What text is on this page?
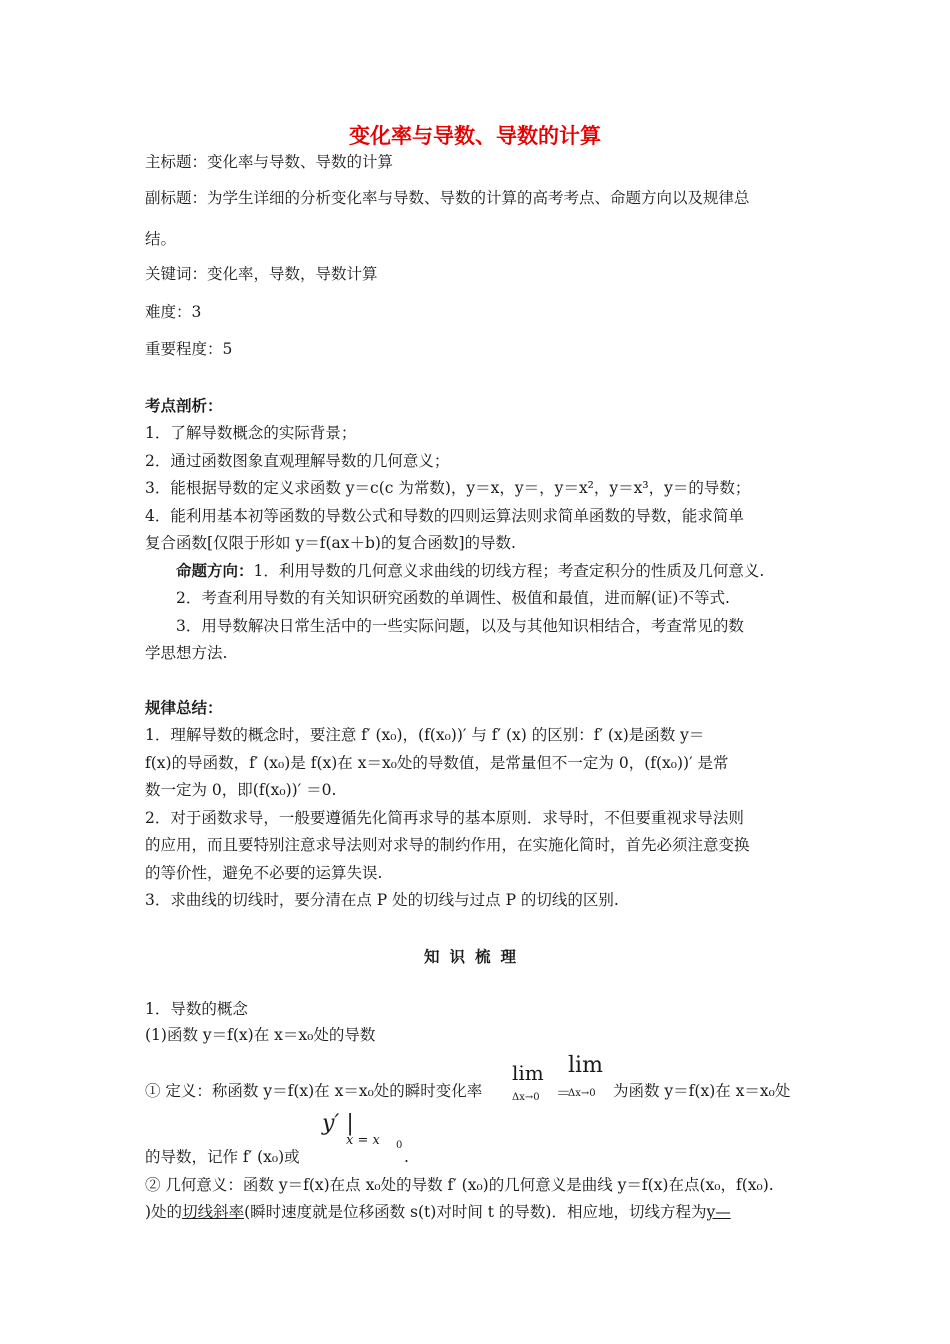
变化率与导数、导数的计算
主标题：变化率与导数、导数的计算
副标题：为学生详细的分析变化率与导数、导数的计算的高考考点、命题方向以及规律总
结。
关键词：变化率，导数，导数计算
难度：3
重要程度：5
考点剖析：
1．了解导数概念的实际背景；
2．通过函数图象直观理解导数的几何意义；
3．能根据导数的定义求函数 y＝c(c 为常数)，y＝x，y＝，y＝x²，y＝x³，y＝的导数；
4．能利用基本初等函数的导数公式和导数的四则运算法则求简单函数的导数，能求简单
复合函数[仅限于形如 y＝f(ax＋b)的复合函数]的导数.
命题方向：1．利用导数的几何意义求曲线的切线方程；考查定积分的性质及几何意义.
2．考查利用导数的有关知识研究函数的单调性、极值和最值，进而解(证)不等式.
3．用导数解决日常生活中的一些实际问题，以及与其他知识相结合，考查常见的数
学思想方法.
规律总结：
1．理解导数的概念时，要注意 f′ (x₀)，(f(x₀))′ 与 f′ (x) 的区别：f′ (x)是函数 y＝
f(x)的导函数，f′ (x₀)是 f(x)在 x＝x₀处的导数值，是常量但不一定为 0，(f(x₀))′ 是常
数一定为 0，即(f(x₀))′ ＝0.
2．对于函数求导，一般要遵循先化简再求导的基本原则．求导时，不但要重视求导法则
的应用，而且要特别注意求导法则对求导的制约作用，在实施化简时，首先必须注意变换
的等价性，避免不必要的运算失误.
3．求曲线的切线时，要分清在点 P 处的切线与过点 P 的切线的区别.
知识梳理
1．导数的概念
(1)函数 y＝f(x)在 x＝x₀处的导数
① 定义：称函数 y＝f(x)在 x＝x₀处的瞬时变化率
lim
Δx→0 ＝
lim
Δx→0 为函数 y＝f(x)在 x＝x₀处
y′ |
的导数，记作 f′ (x₀)或
x = x 0
.
② 几何意义：函数 y＝f(x)在点 x₀处的导数 f′ (x₀)的几何意义是曲线 y＝f(x)在点(x₀，f(x₀).
)处的切线斜率(瞬时速度就是位移函数 s(t)对时间 t 的导数)．相应地，切线方程为y—
